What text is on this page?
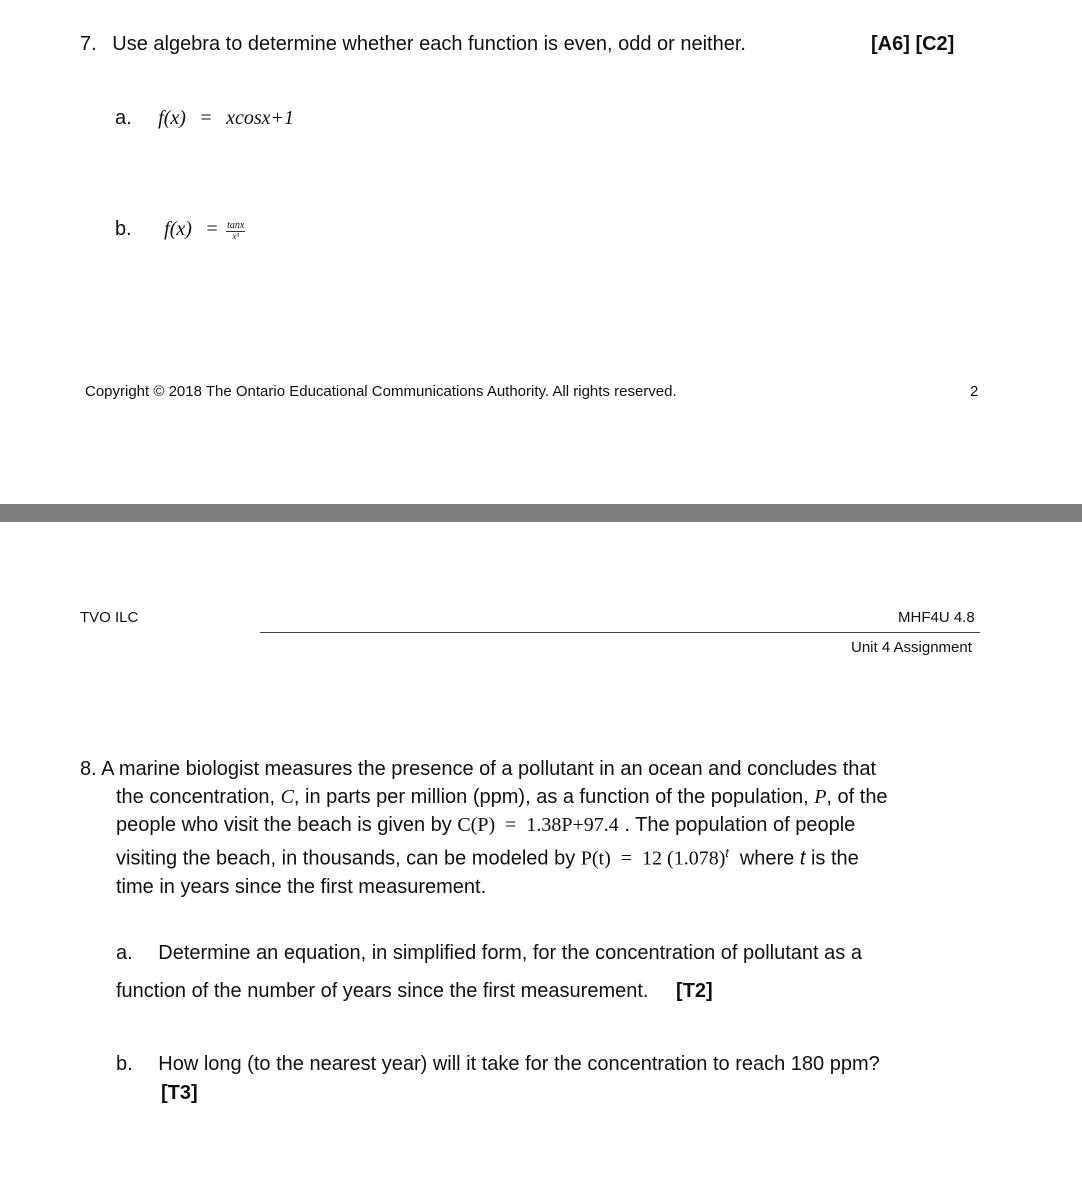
7. Use algebra to determine whether each function is even, odd or neither.	[A6] [C2]
a. f(x) = xcosx+1
b. $f(x) = \frac{\tan x}{\text{x³}}$
Copyright © 2018 The Ontario Educational Communications Authority. All rights reserved.	2
TVO ILC	MHF4U 4.8
Unit 4 Assignment
8. A marine biologist measures the presence of a pollutant in an ocean and concludes that
the concentration, C, in parts per million (ppm), as a function of the population, P, of the
people who visit the beach is given by C(P)  =  1.38P+97.4 . The population of people
visiting the beach, in thousands, can be modeled by P(t)  =  12 $(1.078)^t$  where t is the
time in years since the first measurement.
a. Determine an equation, in simplified form, for the concentration of pollutant as a
function of the number of years since the first measurement. [T2]
b. How long (to the nearest year) will it take for the concentration to reach 180 ppm?
[T3]
